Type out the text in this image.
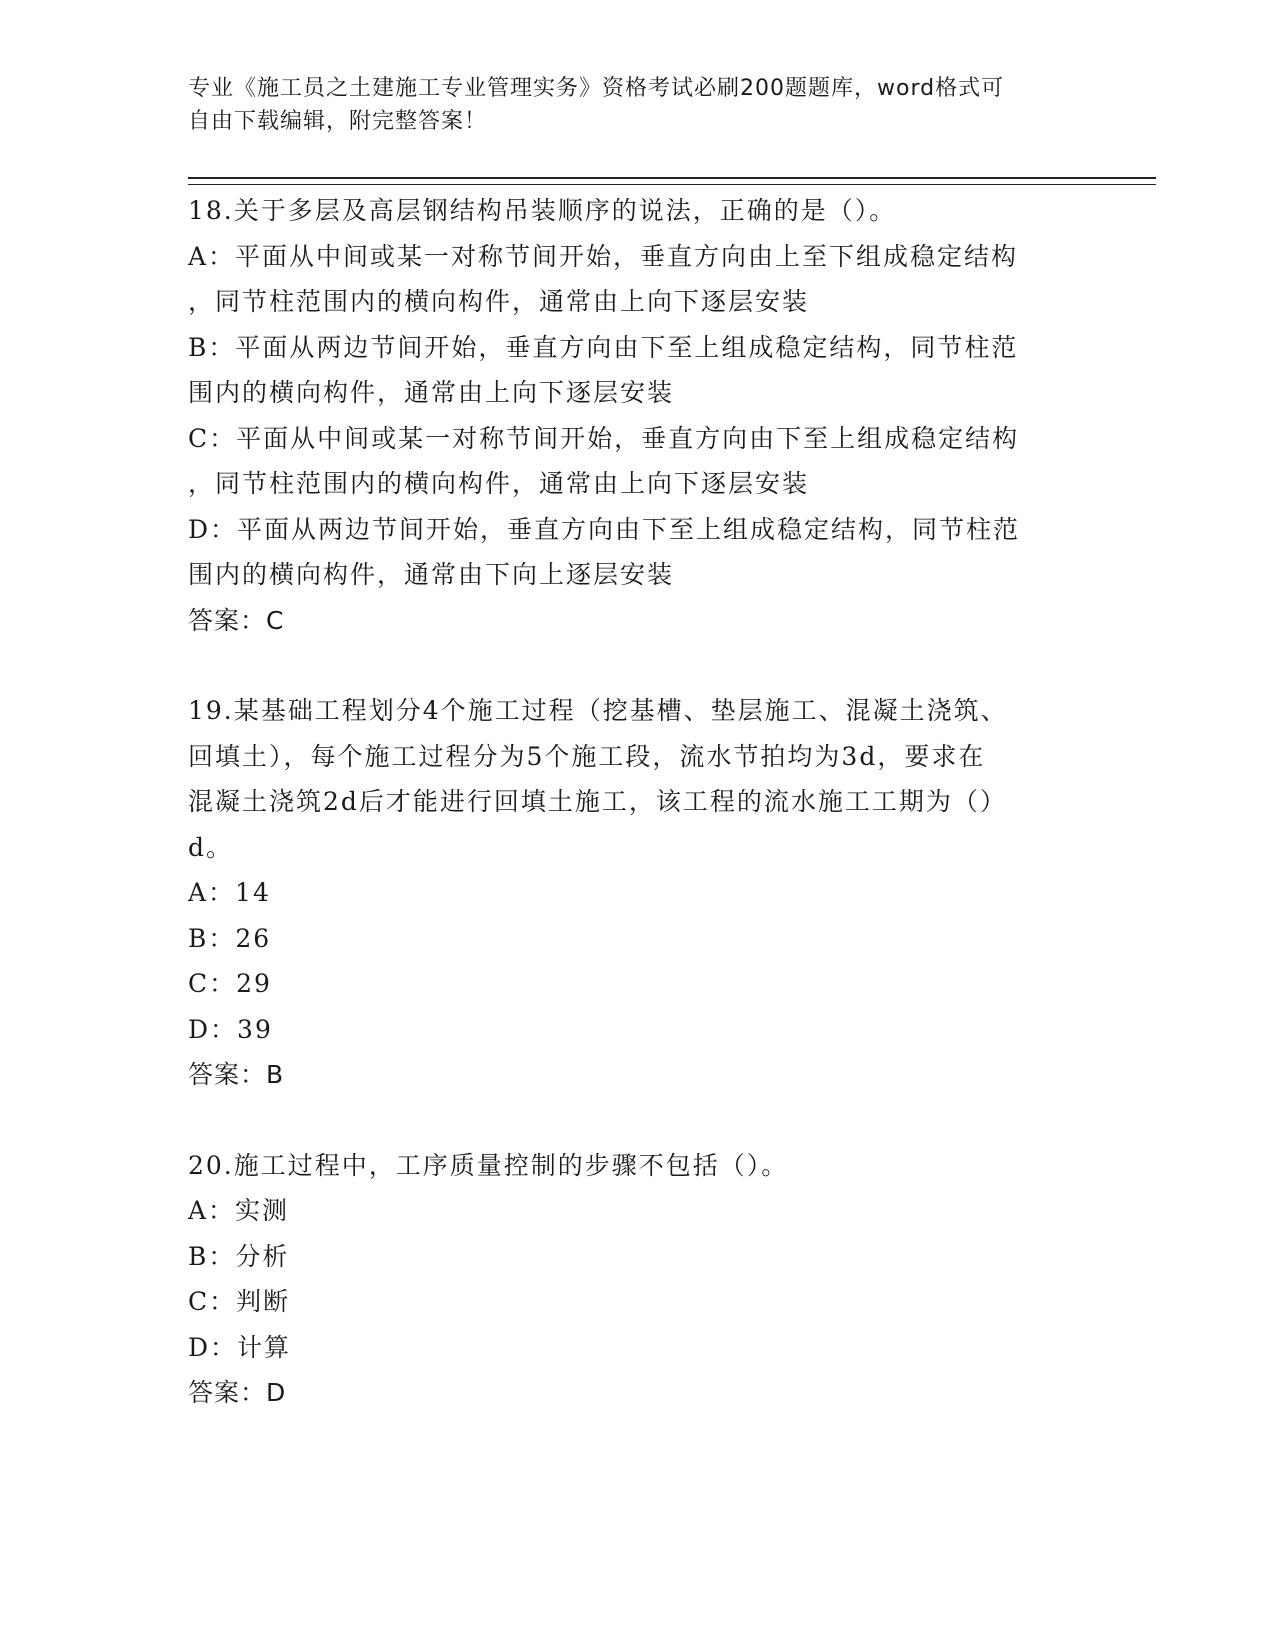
专业《施工员之土建施工专业管理实务》资格考试必刷200题题库，word格式可
自由下载编辑，附完整答案！
18.关于多层及高层钢结构吊装顺序的说法，正确的是（）。
A：平面从中间或某一对称节间开始，垂直方向由上至下组成稳定结构
，同节柱范围内的横向构件，通常由上向下逐层安装
B：平面从两边节间开始，垂直方向由下至上组成稳定结构，同节柱范
围内的横向构件，通常由上向下逐层安装
C：平面从中间或某一对称节间开始，垂直方向由下至上组成稳定结构
，同节柱范围内的横向构件，通常由上向下逐层安装
D：平面从两边节间开始，垂直方向由下至上组成稳定结构，同节柱范
围内的横向构件，通常由下向上逐层安装
答案：C
19.某基础工程划分4个施工过程（挖基槽、垫层施工、混凝土浇筑、
回填土），每个施工过程分为5个施工段，流水节拍均为3d，要求在
混凝土浇筑2d后才能进行回填土施工，该工程的流水施工工期为（）
d。
A：14
B：26
C：29
D：39
答案：B
20.施工过程中，工序质量控制的步骤不包括（）。
A：实测
B：分析
C：判断
D：计算
答案：D
